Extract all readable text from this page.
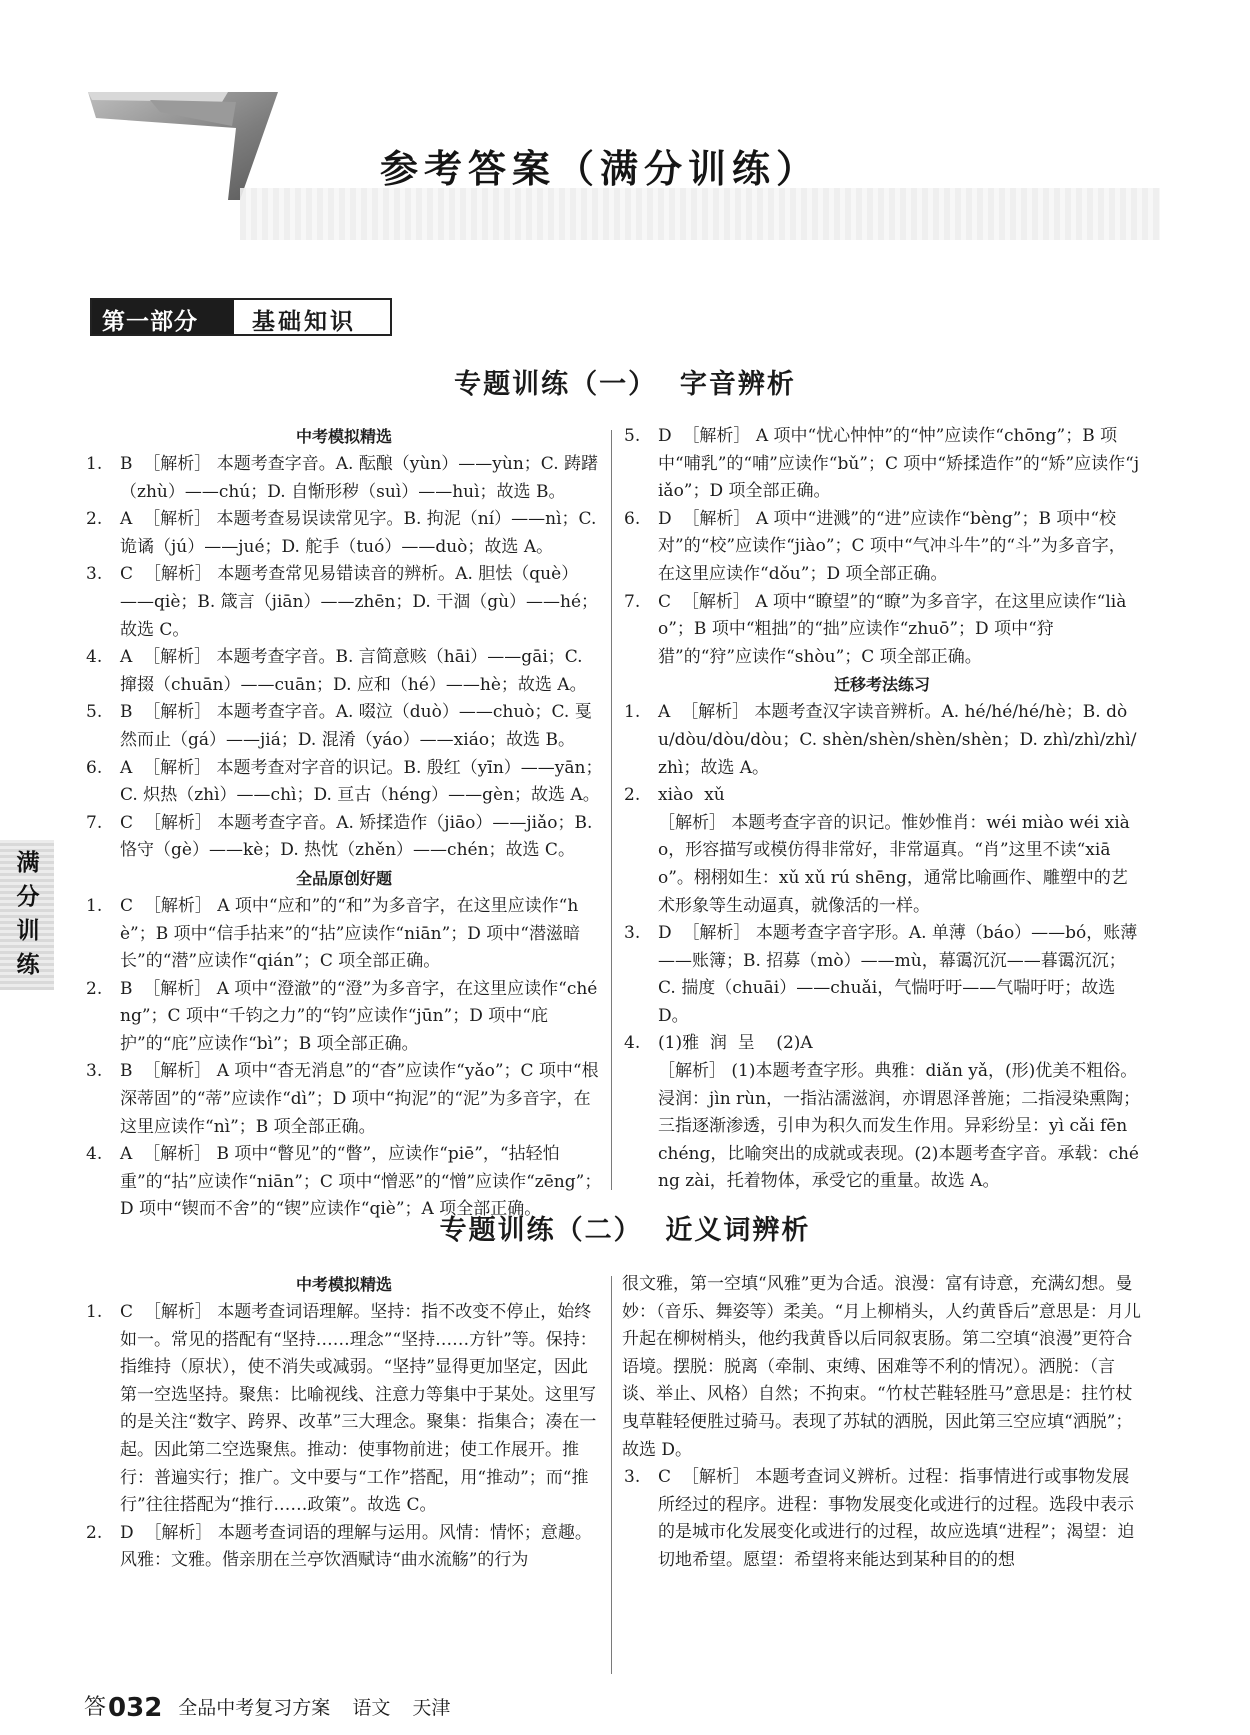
参考答案（满分训练）
第一部分	基础知识
满分训练
专题训练（一）  字音辨析
中考模拟精选
1. B  ［解析］ 本题考查字音。A. 酝酿（yùn）——yùn；C. 踌躇（zhù）——chú；D. 自惭形秽（suì）——huì；故选 B。
2. A  ［解析］ 本题考查易误读常见字。B. 拘泥（ní）——nì；C. 诡谲（jú）——jué；D. 舵手（tuó）——duò；故选 A。
3. C  ［解析］ 本题考查常见易错读音的辨析。A. 胆怯（què）——qiè；B. 箴言（jiān）——zhēn；D. 干涸（gù）——hé；故选 C。
4. A  ［解析］ 本题考查字音。B. 言简意赅（hāi）——gāi；C. 撺掇（chuān）——cuān；D. 应和（hé）——hè；故选 A。
5. B  ［解析］ 本题考查字音。A. 啜泣（duò）——chuò；C. 戛然而止（gá）——jiá；D. 混淆（yáo）——xiáo；故选 B。
6. A  ［解析］ 本题考查对字音的识记。B. 殷红（yīn）——yān；C. 炽热（zhì）——chì；D. 亘古（héng）——gèn；故选 A。
7. C  ［解析］ 本题考查字音。A. 矫揉造作（jiāo）——jiǎo；B. 恪守（gè）——kè；D. 热忱（zhěn）——chén；故选 C。
全品原创好题
1. C  ［解析］ A 项中“应和”的“和”为多音字，在这里应读作“hè”；B 项中“信手拈来”的“拈”应读作“niān”；D 项中“潜滋暗长”的“潜”应读作“qián”；C 项全部正确。
2. B  ［解析］ A 项中“澄澈”的“澄”为多音字，在这里应读作“chéng”；C 项中“千钧之力”的“钧”应读作“jūn”；D 项中“庇护”的“庇”应读作“bì”；B 项全部正确。
3. B  ［解析］ A 项中“杳无消息”的“杳”应读作“yǎo”；C 项中“根深蒂固”的“蒂”应读作“dì”；D 项中“拘泥”的“泥”为多音字，在这里应读作“nì”；B 项全部正确。
4. A  ［解析］ B 项中“瞥见”的“瞥”，应读作“piē”，“拈轻怕重”的“拈”应读作“niān”；C 项中“憎恶”的“憎”应读作“zēng”；D 项中“锲而不舍”的“锲”应读作“qiè”；A 项全部正确。
5. D  ［解析］ A 项中“忧心忡忡”的“忡”应读作“chōng”；B 项中“哺乳”的“哺”应读作“bǔ”；C 项中“矫揉造作”的“矫”应读作“jiǎo”；D 项全部正确。
6. D  ［解析］ A 项中“进溅”的“进”应读作“bèng”；B 项中“校对”的“校”应读作“jiào”；C 项中“气冲斗牛”的“斗”为多音字，在这里应读作“dǒu”；D 项全部正确。
7. C  ［解析］ A 项中“瞭望”的“瞭”为多音字，在这里应读作“liào”；B 项中“粗拙”的“拙”应读作“zhuō”；D 项中“狩猎”的“狩”应读作“shòu”；C 项全部正确。
迁移考法练习
1. A  ［解析］ 本题考查汉字读音辨析。A. hé/hé/hé/hè；B. dòu/dòu/dòu/dòu；C. shèn/shèn/shèn/shèn；D. zhì/zhì/zhì/zhì；故选 A。
2. xiào  xǔ
［解析］ 本题考查字音的识记。惟妙惟肖：wéi miào wéi xiào，形容描写或模仿得非常好，非常逼真。“肖”这里不读“xiāo”。栩栩如生：xǔ xǔ rú shēng，通常比喻画作、雕塑中的艺术形象等生动逼真，就像活的一样。
3. D  ［解析］ 本题考查字音字形。A. 单薄（báo）——bó，账薄——账簿；B. 招募（mò）——mù，幕霭沉沉——暮霭沉沉；C. 揣度（chuāi）——chuǎi，气惴吁吁——气喘吁吁；故选 D。
4. (1)雅  润  呈    (2)A
［解析］ (1)本题考查字形。典雅：diǎn yǎ，(形)优美不粗俗。浸润：jìn rùn，一指沾濡滋润，亦谓恩泽普施；二指浸染熏陶；三指逐渐渗透，引申为积久而发生作用。异彩纷呈：yì cǎi fēn chéng，比喻突出的成就或表现。(2)本题考查字音。承载：chéng zài，托着物体，承受它的重量。故选 A。
专题训练（二）  近义词辨析
中考模拟精选
1. C  ［解析］ 本题考查词语理解。坚持：指不改变不停止，始终如一。常见的搭配有“坚持……理念”“坚持……方针”等。保持：指维持（原状），使不消失或减弱。“坚持”显得更加坚定，因此第一空选坚持。聚焦：比喻视线、注意力等集中于某处。这里写的是关注“数字、跨界、改革”三大理念。聚集：指集合；凑在一起。因此第二空选聚焦。推动：使事物前进；使工作展开。推行：普遍实行；推广。文中要与“工作”搭配，用“推动”；而“推行”往往搭配为“推行……政策”。故选 C。
2. D  ［解析］ 本题考查词语的理解与运用。风情：情怀；意趣。风雅：文雅。偕亲朋在兰亭饮酒赋诗“曲水流觞”的行为
很文雅，第一空填“风雅”更为合适。浪漫：富有诗意，充满幻想。曼妙：（音乐、舞姿等）柔美。“月上柳梢头，人约黄昏后”意思是：月儿升起在柳树梢头，他约我黄昏以后同叙衷肠。第二空填“浪漫”更符合语境。摆脱：脱离（牵制、束缚、困难等不利的情况）。洒脱：（言谈、举止、风格）自然；不拘束。“竹杖芒鞋轻胜马”意思是：拄竹杖曳草鞋轻便胜过骑马。表现了苏轼的洒脱，因此第三空应填“洒脱”；故选 D。
3. C  ［解析］ 本题考查词义辨析。过程：指事情进行或事物发展所经过的程序。进程：事物发展变化或进行的过程。选段中表示的是城市化发展变化或进行的过程，故应选填“进程”；渴望：迫切地希望。愿望：希望将来能达到某种目的的想
答032 全品中考复习方案 语文 天津
